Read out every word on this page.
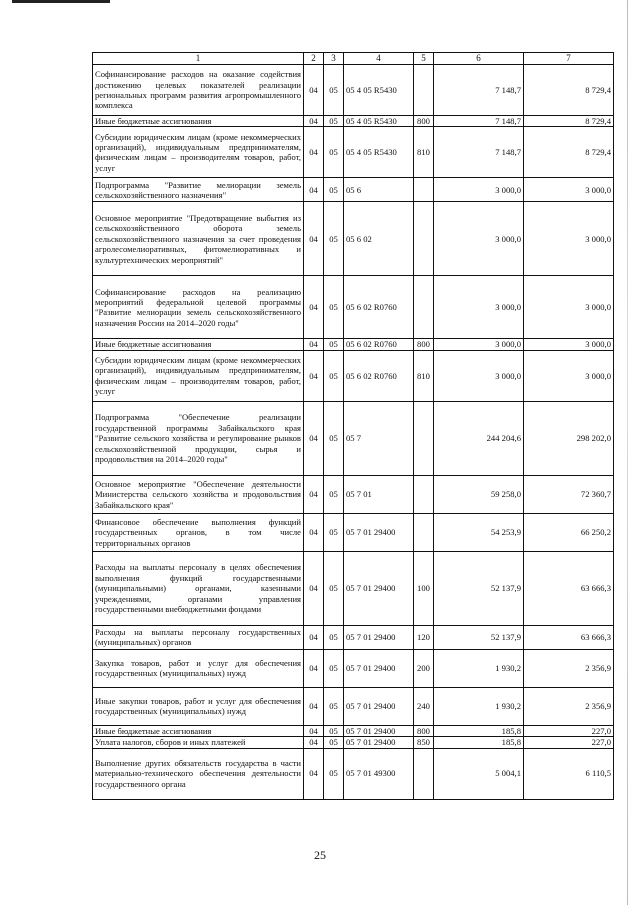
1	2	3	4	5	6	7
Софинансирование расходов на оказание содействия достижению целевых показателей реализации региональных программ развития агропромышленного комплекса	04	05	05 4 05 R5430		7 148,7	8 729,4
Иные бюджетные ассигнования	04	05	05 4 05 R5430	800	7 148,7	8 729,4
Субсидии юридическим лицам (кроме некоммерческих организаций), индивидуальным предпринимателям, физическим лицам – производителям товаров, работ, услуг	04	05	05 4 05 R5430	810	7 148,7	8 729,4
Подпрограмма "Развитие мелиорации земель сельскохозяйственного назначения"	04	05	05 6		3 000,0	3 000,0
Основное мероприятие "Предотвращение выбытия из сельскохозяйственного оборота земель сельскохозяйственного назначения за счет проведения агролесомелиоративных, фитомелиоративных и культуртехнических мероприятий"	04	05	05 6 02		3 000,0	3 000,0
Софинансирование расходов на реализацию мероприятий федеральной целевой программы "Развитие мелиорации земель сельскохозяйственного назначения России на 2014–2020 годы"	04	05	05 6 02 R0760		3 000,0	3 000,0
Иные бюджетные ассигнования	04	05	05 6 02 R0760	800	3 000,0	3 000,0
Субсидии юридическим лицам (кроме некоммерческих организаций), индивидуальным предпринимателям, физическим лицам – производителям товаров, работ, услуг	04	05	05 6 02 R0760	810	3 000,0	3 000,0
Подпрограмма "Обеспечение реализации государственной программы Забайкальского края "Развитие сельского хозяйства и регулирование рынков сельскохозяйственной продукции, сырья и продовольствия на 2014–2020 годы"	04	05	05 7		244 204,6	298 202,0
Основное мероприятие "Обеспечение деятельности Министерства сельского хозяйства и продовольствия Забайкальского края"	04	05	05 7 01		59 258,0	72 360,7
Финансовое обеспечение выполнения функций государственных органов, в том числе территориальных органов	04	05	05 7 01 29400		54 253,9	66 250,2
Расходы на выплаты персоналу в целях обеспечения выполнения функций государственными (муниципальными) органами, казенными учреждениями, органами управления государственными внебюджетными фондами	04	05	05 7 01 29400	100	52 137,9	63 666,3
Расходы на выплаты персоналу государственных (муниципальных) органов	04	05	05 7 01 29400	120	52 137,9	63 666,3
Закупка товаров, работ и услуг для обеспечения государственных (муниципальных) нужд	04	05	05 7 01 29400	200	1 930,2	2 356,9
Иные закупки товаров, работ и услуг для обеспечения государственных (муниципальных) нужд	04	05	05 7 01 29400	240	1 930,2	2 356,9
Иные бюджетные ассигнования	04	05	05 7 01 29400	800	185,8	227,0
Уплата налогов, сборов и иных платежей	04	05	05 7 01 29400	850	185,8	227,0
Выполнение других обязательств государства в части материально-технического обеспечения деятельности государственного органа	04	05	05 7 01 49300		5 004,1	6 110,5
25
